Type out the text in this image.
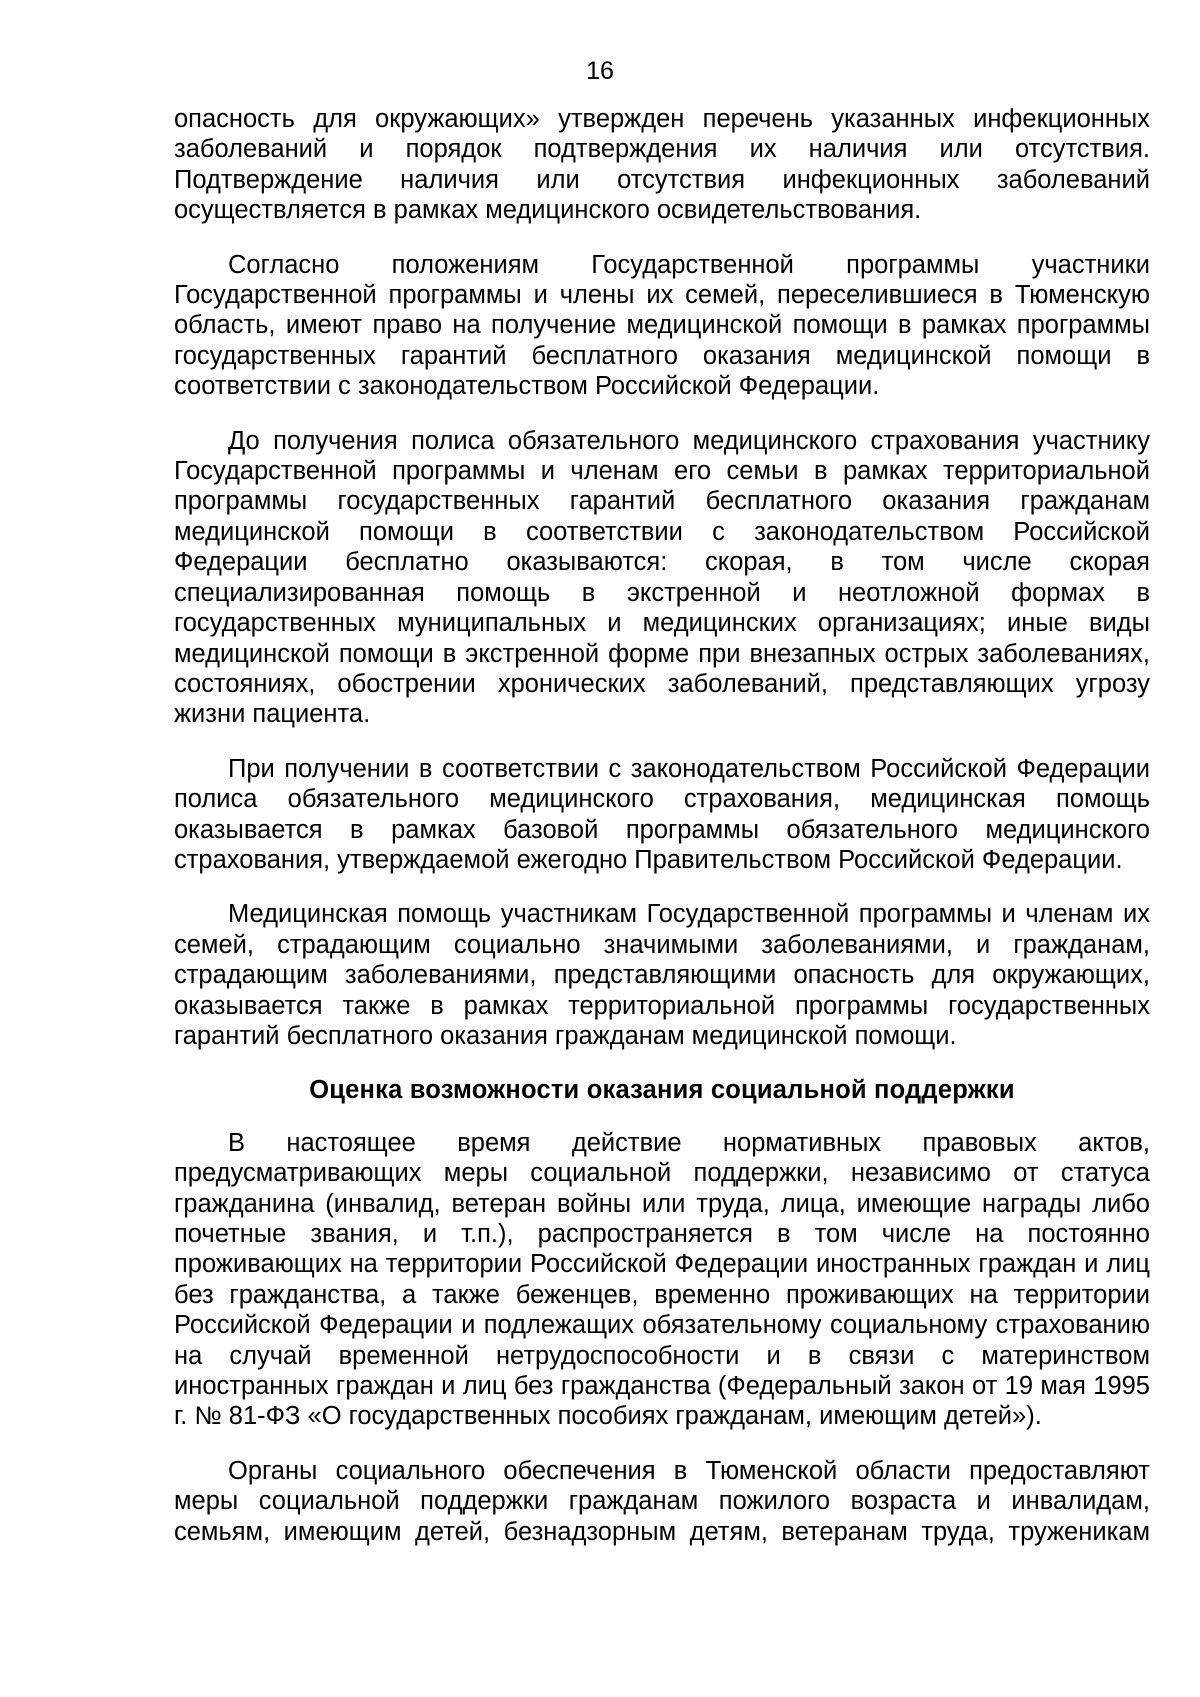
16

опасность для окружающих» утвержден перечень указанных инфекционных заболеваний и порядок подтверждения их наличия или отсутствия. Подтверждение наличия или отсутствия инфекционных заболеваний осуществляется в рамках медицинского освидетельствования.

Согласно положениям Государственной программы участники Государственной программы и члены их семей, переселившиеся в Тюменскую область, имеют право на получение медицинской помощи в рамках программы государственных гарантий бесплатного оказания медицинской помощи в соответствии с законодательством Российской Федерации.

До получения полиса обязательного медицинского страхования участнику Государственной программы и членам его семьи в рамках территориальной программы государственных гарантий бесплатного оказания гражданам медицинской помощи в соответствии с законодательством Российской Федерации бесплатно оказываются: скорая, в том числе скорая специализированная помощь в экстренной и неотложной формах в государственных муниципальных и медицинских организациях; иные виды медицинской помощи в экстренной форме при внезапных острых заболеваниях, состояниях, обострении хронических заболеваний, представляющих угрозу жизни пациента.

При получении в соответствии с законодательством Российской Федерации полиса обязательного медицинского страхования, медицинская помощь оказывается в рамках базовой программы обязательного медицинского страхования, утверждаемой ежегодно Правительством Российской Федерации.

Медицинская помощь участникам Государственной программы и членам их семей, страдающим социально значимыми заболеваниями, и гражданам, страдающим заболеваниями, представляющими опасность для окружающих, оказывается также в рамках территориальной программы государственных гарантий бесплатного оказания гражданам медицинской помощи.

Оценка возможности оказания социальной поддержки

В настоящее время действие нормативных правовых актов, предусматривающих меры социальной поддержки, независимо от статуса гражданина (инвалид, ветеран войны или труда, лица, имеющие награды либо почетные звания, и т.п.), распространяется в том числе на постоянно проживающих на территории Российской Федерации иностранных граждан и лиц без гражданства, а также беженцев, временно проживающих на территории Российской Федерации и подлежащих обязательному социальному страхованию на случай временной нетрудоспособности и в связи с материнством иностранных граждан и лиц без гражданства (Федеральный закон от 19 мая 1995 г. № 81-ФЗ «О государственных пособиях гражданам, имеющим детей»).

Органы социального обеспечения в Тюменской области предоставляют меры социальной поддержки гражданам пожилого возраста и инвалидам, семьям, имеющим детей, безнадзорным детям, ветеранам труда, труженикам
